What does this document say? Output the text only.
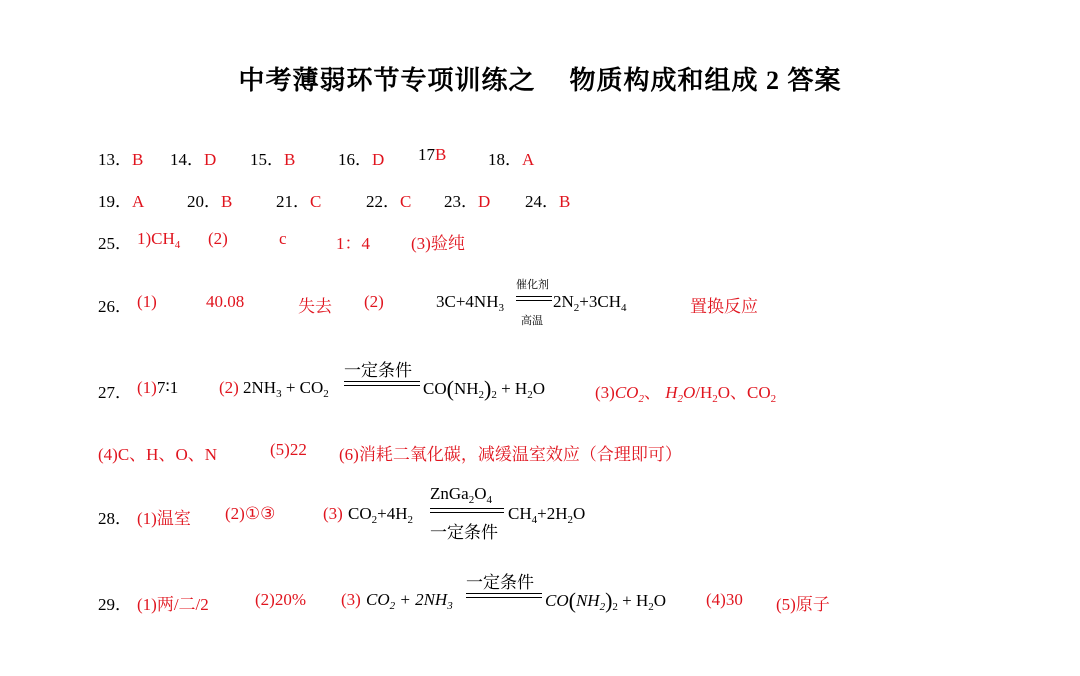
中考薄弱环节专项训练之 物质构成和组成 2 答案
13．B 14．D 15．B	16．D 17B 18．A
19．A	20．B	21．C	22．C 23．D 24．B
25． $1)CH_4$ (2)	c	1：4 (3)验纯
26． (1)	40.08	失去 (2)	$3C+4NH_3$
催化剂
高温
$2N_2+3CH_4$	置换反应
27． (1)7∶1 (2) $2NH_3 + CO_2$
一定条件
$CO(NH_2)_2 + H_2O$	$(3)CO_2$、 $H_2O/H_2O$、$CO_2$
(4)C、H、O、N	(5)22 (6)消耗二氧化碳，减缓温室效应（合理即可）
28． (1)温室 (2)①③	(3) $CO_2+4H_2$
$ZnGa_2O_4$
一定条件
$CH_4+2H_2O$
29． (1)两/二/2	(2)20% (3) $CO_2 + 2NH_3$
一定条件
$CO(NH_2)_2 + H_2O$ (4)30 (5)原子
